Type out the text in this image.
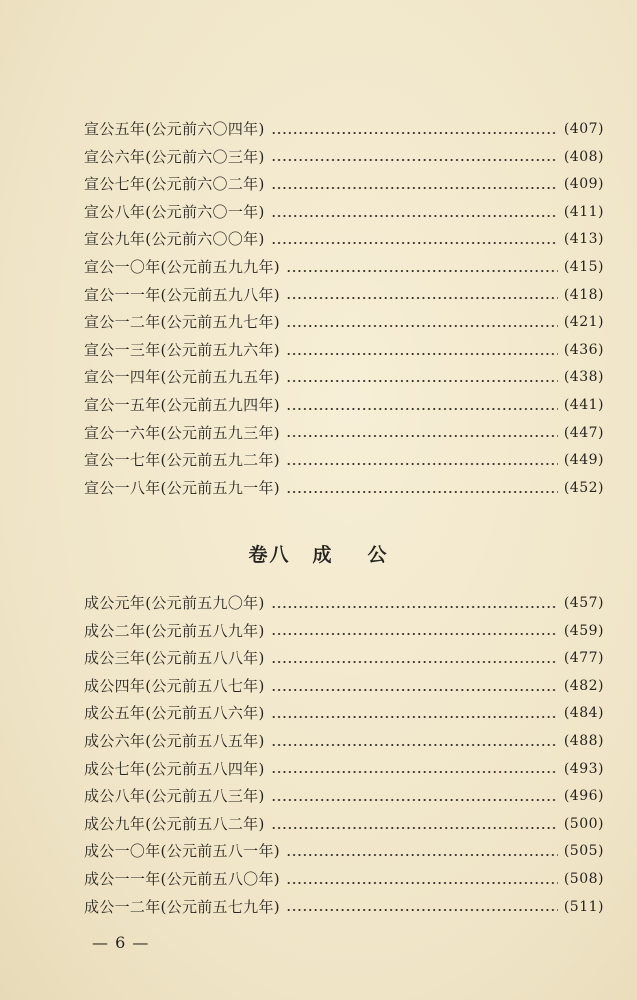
宣公五年(公元前六〇四年)	(407)
宣公六年(公元前六〇三年)	(408)
宣公七年(公元前六〇二年)	(409)
宣公八年(公元前六〇一年)	(411)
宣公九年(公元前六〇〇年)	(413)
宣公一〇年(公元前五九九年)	(415)
宣公一一年(公元前五九八年)	(418)
宣公一二年(公元前五九七年)	(421)
宣公一三年(公元前五九六年)	(436)
宣公一四年(公元前五九五年)	(438)
宣公一五年(公元前五九四年)	(441)
宣公一六年(公元前五九三年)	(447)
宣公一七年(公元前五九二年)	(449)
宣公一八年(公元前五九一年)	(452)
卷八 成 公
成公元年(公元前五九〇年)	(457)
成公二年(公元前五八九年)	(459)
成公三年(公元前五八八年)	(477)
成公四年(公元前五八七年)	(482)
成公五年(公元前五八六年)	(484)
成公六年(公元前五八五年)	(488)
成公七年(公元前五八四年)	(493)
成公八年(公元前五八三年)	(496)
成公九年(公元前五八二年)	(500)
成公一〇年(公元前五八一年)	(505)
成公一一年(公元前五八〇年)	(508)
成公一二年(公元前五七九年)	(511)
— 6 —
